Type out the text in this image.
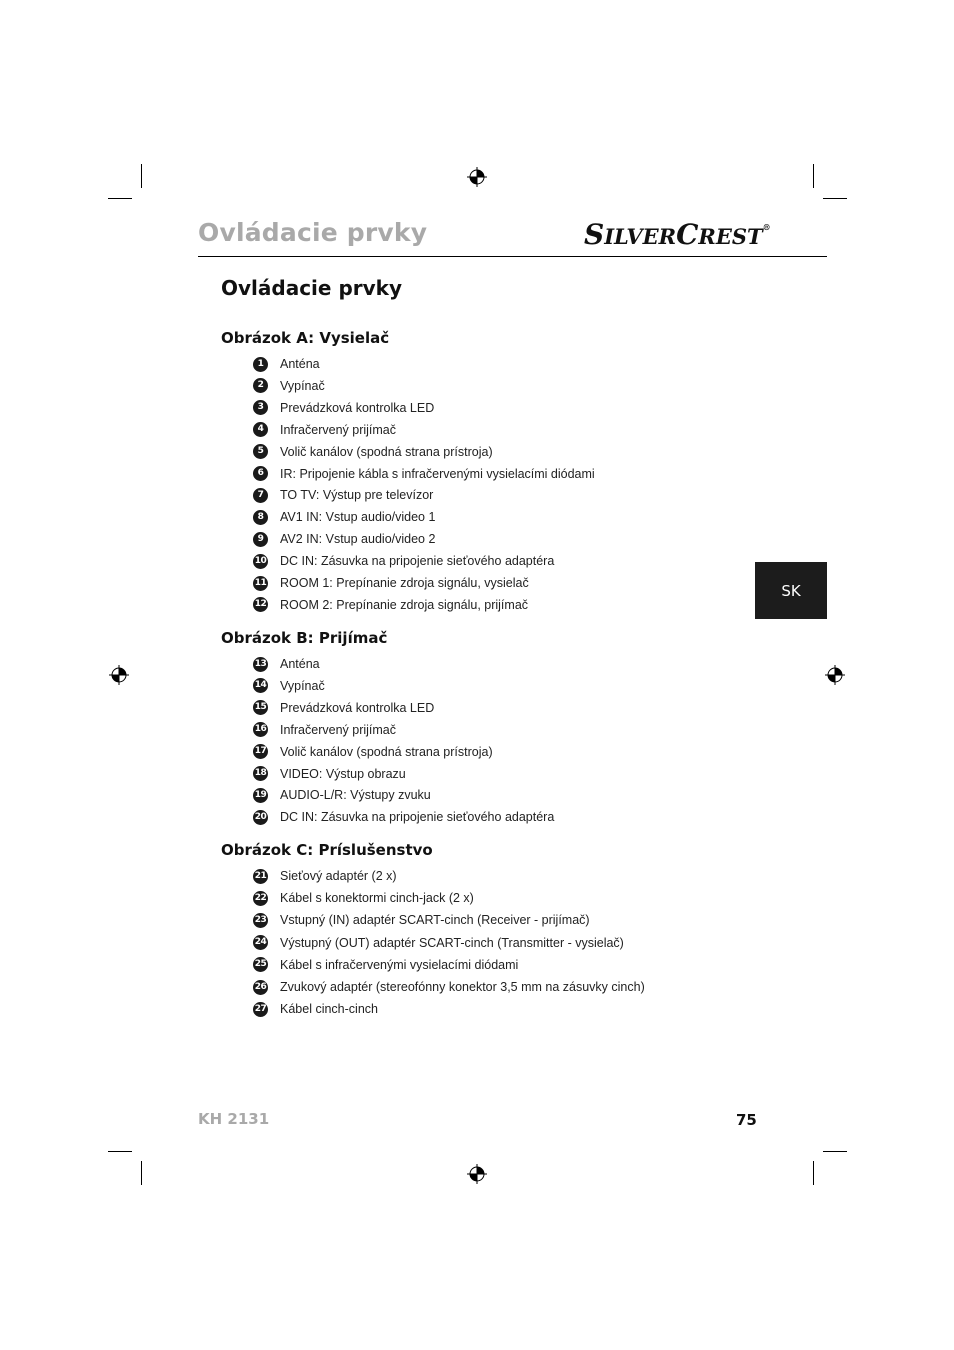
Ovládacie prvky	SILVERCREST®
Ovládacie prvky
Obrázok A: Vysielač
1	Anténa
2	Vypínač
3	Prevádzková kontrolka LED
4	Infračervený prijímač
5	Volič kanálov (spodná strana prístroja)
6	IR: Pripojenie kábla s infračervenými vysielacími diódami
7	TO TV: Výstup pre televízor
8	AV1 IN: Vstup audio/video 1
9	AV2 IN: Vstup audio/video 2
10 DC IN: Zásuvka na pripojenie sieťového adaptéra
11 ROOM 1: Prepínanie zdroja signálu, vysielač
12 ROOM 2: Prepínanie zdroja signálu, prijímač
Obrázok B: Prijímač
13 Anténa
14 Vypínač
15 Prevádzková kontrolka LED
16 Infračervený prijímač
17 Volič kanálov (spodná strana prístroja)
18 VIDEO: Výstup obrazu
19 AUDIO-L/R: Výstupy zvuku
20 DC IN: Zásuvka na pripojenie sieťového adaptéra
Obrázok C: Príslušenstvo
21 Sieťový adaptér (2 x)
22 Kábel s konektormi cinch-jack (2 x)
23 Vstupný (IN) adaptér SCART-cinch (Receiver - prijímač)
24 Výstupný (OUT) adaptér SCART-cinch (Transmitter - vysielač)
25 Kábel s infračervenými vysielacími diódami
26 Zvukový adaptér (stereofónny konektor 3,5 mm na zásuvky cinch)
27 Kábel cinch-cinch
SK
KH 2131	75
